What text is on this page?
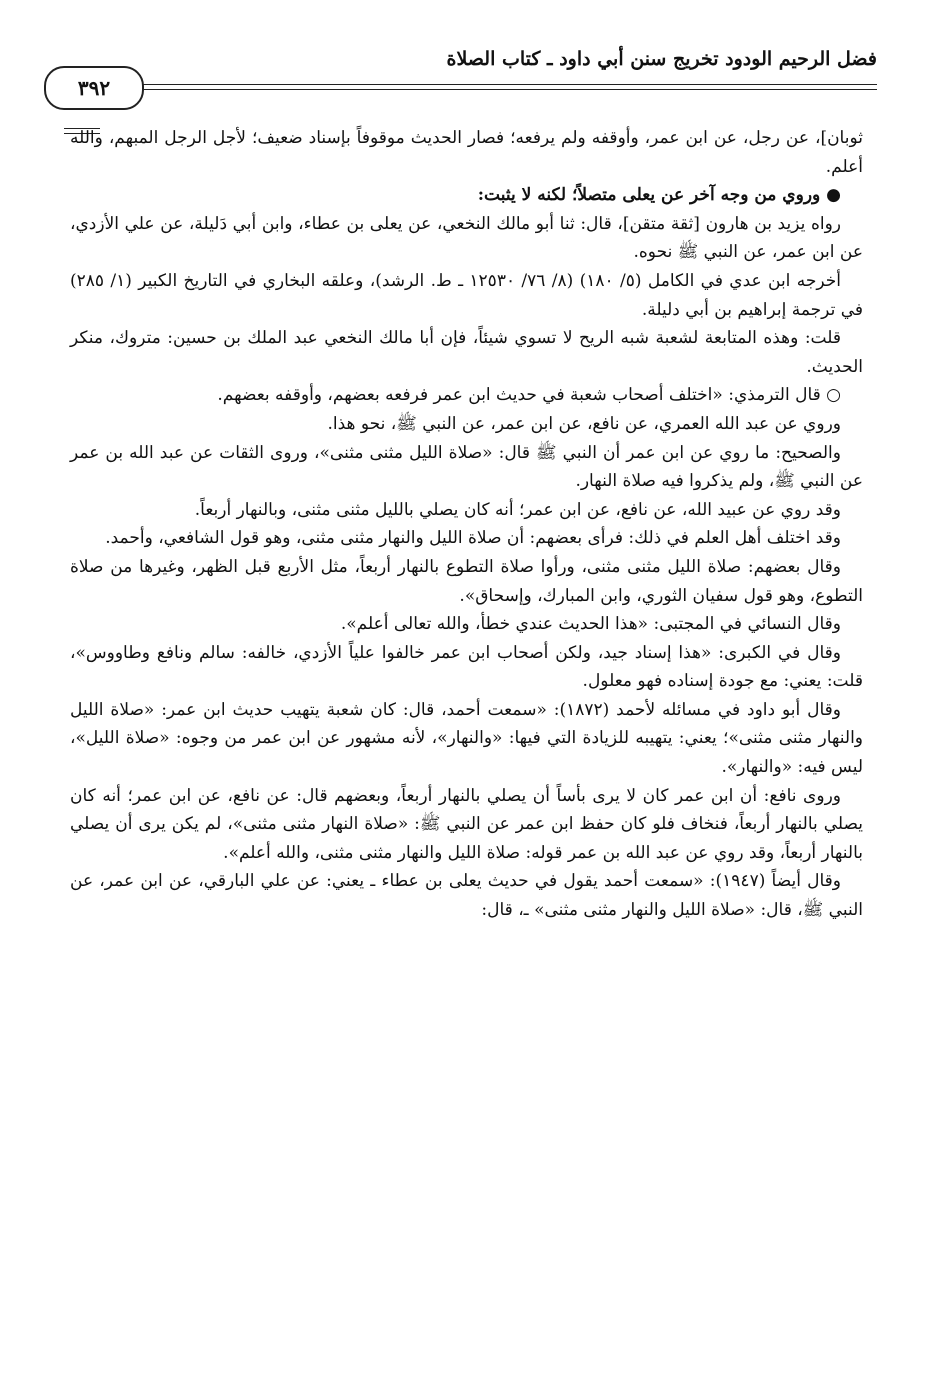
فضل الرحيم الودود تخريج سنن أبي داود ـ كتاب الصلاة
٣٩٢

ثوبان]، عن رجل، عن ابن عمر، وأوقفه ولم يرفعه؛ فصار الحديث موقوفاً بإسناد ضعيف؛ لأجل الرجل المبهم، والله أعلم.

● وروي من وجه آخر عن يعلى متصلاً؛ لكنه لا يثبت:

رواه يزيد بن هارون [ثقة متقن]، قال: ثنا أبو مالك النخعي، عن يعلى بن عطاء، وابن أبي دَليلة، عن علي الأزدي، عن ابن عمر، عن النبي ﷺ نحوه.

أخرجه ابن عدي في الكامل (٥/ ١٨٠) (٨/ ٧٦/ ١٢٥٣٠ ـ ط. الرشد)، وعلقه البخاري في التاريخ الكبير (١/ ٢٨٥) في ترجمة إبراهيم بن أبي دليلة.

قلت: وهذه المتابعة لشعبة شبه الريح لا تسوي شيئاً، فإن أبا مالك النخعي عبد الملك بن حسين: متروك، منكر الحديث.

○ قال الترمذي: «اختلف أصحاب شعبة في حديث ابن عمر فرفعه بعضهم، وأوقفه بعضهم.

وروي عن عبد الله العمري، عن نافع، عن ابن عمر، عن النبي ﷺ، نحو هذا.

والصحيح: ما روي عن ابن عمر أن النبي ﷺ قال: «صلاة الليل مثنى مثنى»، وروى الثقات عن عبد الله بن عمر عن النبي ﷺ، ولم يذكروا فيه صلاة النهار.

وقد روي عن عبيد الله، عن نافع، عن ابن عمر؛ أنه كان يصلي بالليل مثنى مثنى، وبالنهار أربعاً.

وقد اختلف أهل العلم في ذلك: فرأى بعضهم: أن صلاة الليل والنهار مثنى مثنى، وهو قول الشافعي، وأحمد.

وقال بعضهم: صلاة الليل مثنى مثنى، ورأوا صلاة التطوع بالنهار أربعاً، مثل الأربع قبل الظهر، وغيرها من صلاة التطوع، وهو قول سفيان الثوري، وابن المبارك، وإسحاق».

وقال النسائي في المجتبى: «هذا الحديث عندي خطأ، والله تعالى أعلم».

وقال في الكبرى: «هذا إسناد جيد، ولكن أصحاب ابن عمر خالفوا علياً الأزدي، خالفه: سالم ونافع وطاووس»، قلت: يعني: مع جودة إسناده فهو معلول.

وقال أبو داود في مسائله لأحمد (١٨٧٢): «سمعت أحمد، قال: كان شعبة يتهيب حديث ابن عمر: «صلاة الليل والنهار مثنى مثنى»؛ يعني: يتهيبه للزيادة التي فيها: «والنهار»، لأنه مشهور عن ابن عمر من وجوه: «صلاة الليل»، ليس فيه: «والنهار».

وروى نافع: أن ابن عمر كان لا يرى بأساً أن يصلي بالنهار أربعاً، وبعضهم قال: عن نافع، عن ابن عمر؛ أنه كان يصلي بالنهار أربعاً، فنخاف فلو كان حفظ ابن عمر عن النبي ﷺ: «صلاة النهار مثنى مثنى»، لم يكن يرى أن يصلي بالنهار أربعاً، وقد روي عن عبد الله بن عمر قوله: صلاة الليل والنهار مثنى مثنى، والله أعلم».

وقال أيضاً (١٩٤٧): «سمعت أحمد يقول في حديث يعلى بن عطاء ـ يعني: عن علي البارقي، عن ابن عمر، عن النبي ﷺ، قال: «صلاة الليل والنهار مثنى مثنى» ـ، قال:
